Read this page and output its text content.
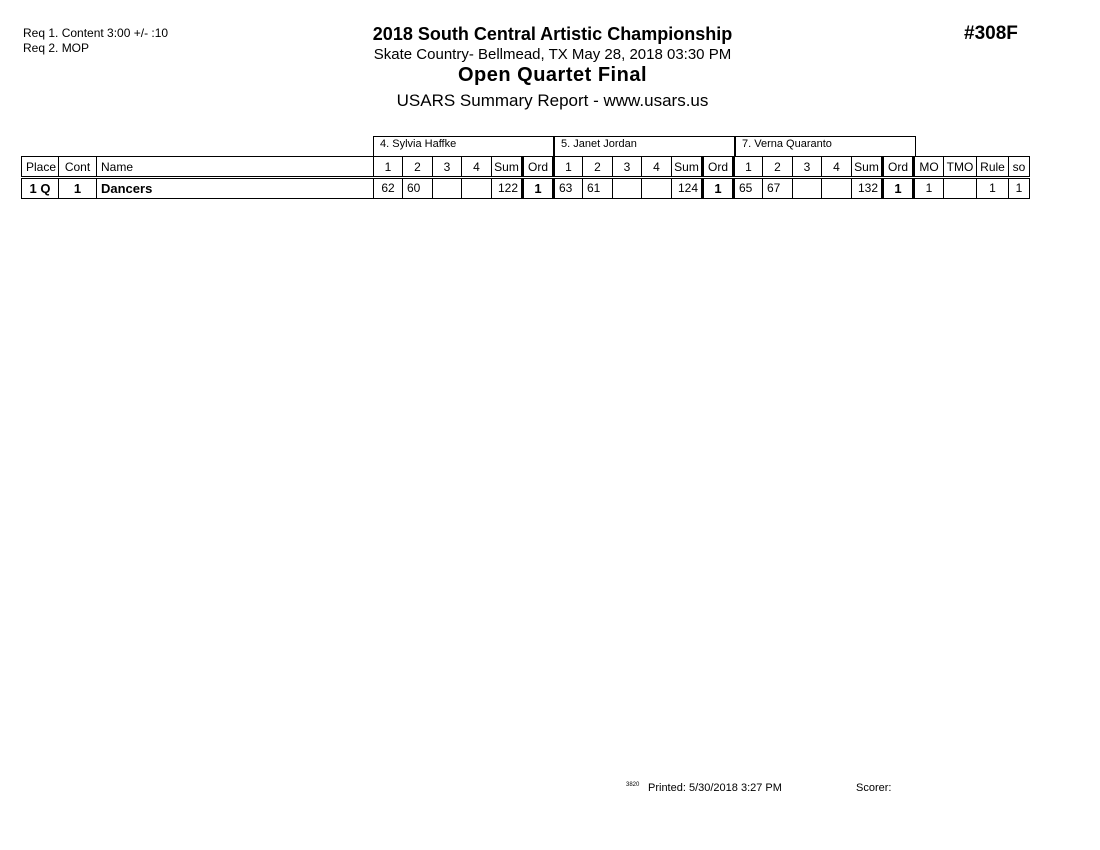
Req 1. Content 3:00 +/- :10
Req 2. MOP
#308F
2018 South Central Artistic Championship
Skate Country- Bellmead, TX May 28, 2018 03:30 PM
Open Quartet Final
USARS Summary Report - www.usars.us
4. Sylvia Haffke	5. Janet Jordan	7. Verna Quaranto
Place	Cont	Name	1	2	3	4	Sum	Ord	1	2	3	4	Sum	Ord	1	2	3	4	Sum	Ord	MO	TMO	Rule	so
1 Q	1	Dancers	62	60			122	1	63	61			124	1	65	67			132	1	1		1	1
3820 Printed: 5/30/2018 3:27 PM	Scorer:
